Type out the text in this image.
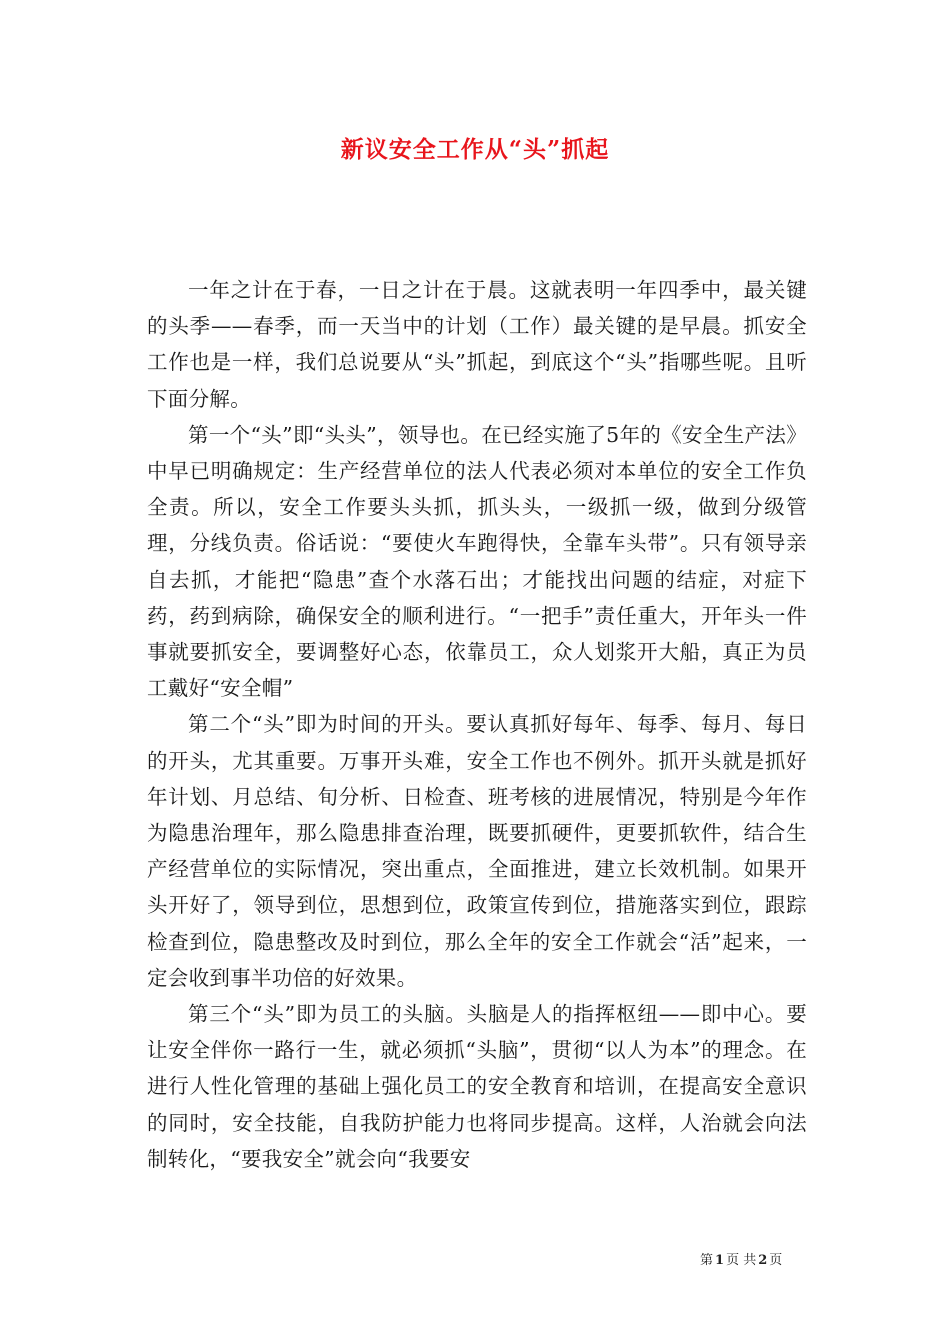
新议安全工作从“头”抓起

一年之计在于春，一日之计在于晨。这就表明一年四季中，最关键的头季——春季，而一天当中的计划（工作）最关键的是早晨。抓安全工作也是一样，我们总说要从“头”抓起，到底这个“头”指哪些呢。且听下面分解。

第一个“头”即“头头”，领导也。在已经实施了5年的《安全生产法》中早已明确规定：生产经营单位的法人代表必须对本单位的安全工作负全责。所以，安全工作要头头抓，抓头头，一级抓一级，做到分级管理，分线负责。俗话说：“要使火车跑得快，全靠车头带”。只有领导亲自去抓，才能把“隐患”查个水落石出；才能找出问题的结症，对症下药，药到病除，确保安全的顺利进行。“一把手”责任重大，开年头一件事就要抓安全，要调整好心态，依靠员工，众人划浆开大船，真正为员工戴好“安全帽”

第二个“头”即为时间的开头。要认真抓好每年、每季、每月、每日的开头，尤其重要。万事开头难，安全工作也不例外。抓开头就是抓好年计划、月总结、旬分析、日检查、班考核的进展情况，特别是今年作为隐患治理年，那么隐患排查治理，既要抓硬件，更要抓软件，结合生产经营单位的实际情况，突出重点，全面推进，建立长效机制。如果开头开好了，领导到位，思想到位，政策宣传到位，措施落实到位，跟踪检查到位，隐患整改及时到位，那么全年的安全工作就会“活”起来，一定会收到事半功倍的好效果。

第三个“头”即为员工的头脑。头脑是人的指挥枢纽——即中心。要让安全伴你一路行一生，就必须抓“头脑”，贯彻“以人为本”的理念。在进行人性化管理的基础上强化员工的安全教育和培训，在提高安全意识的同时，安全技能，自我防护能力也将同步提高。这样，人治就会向法制转化，“要我安全”就会向“我要安

第 1 页 共 2 页
